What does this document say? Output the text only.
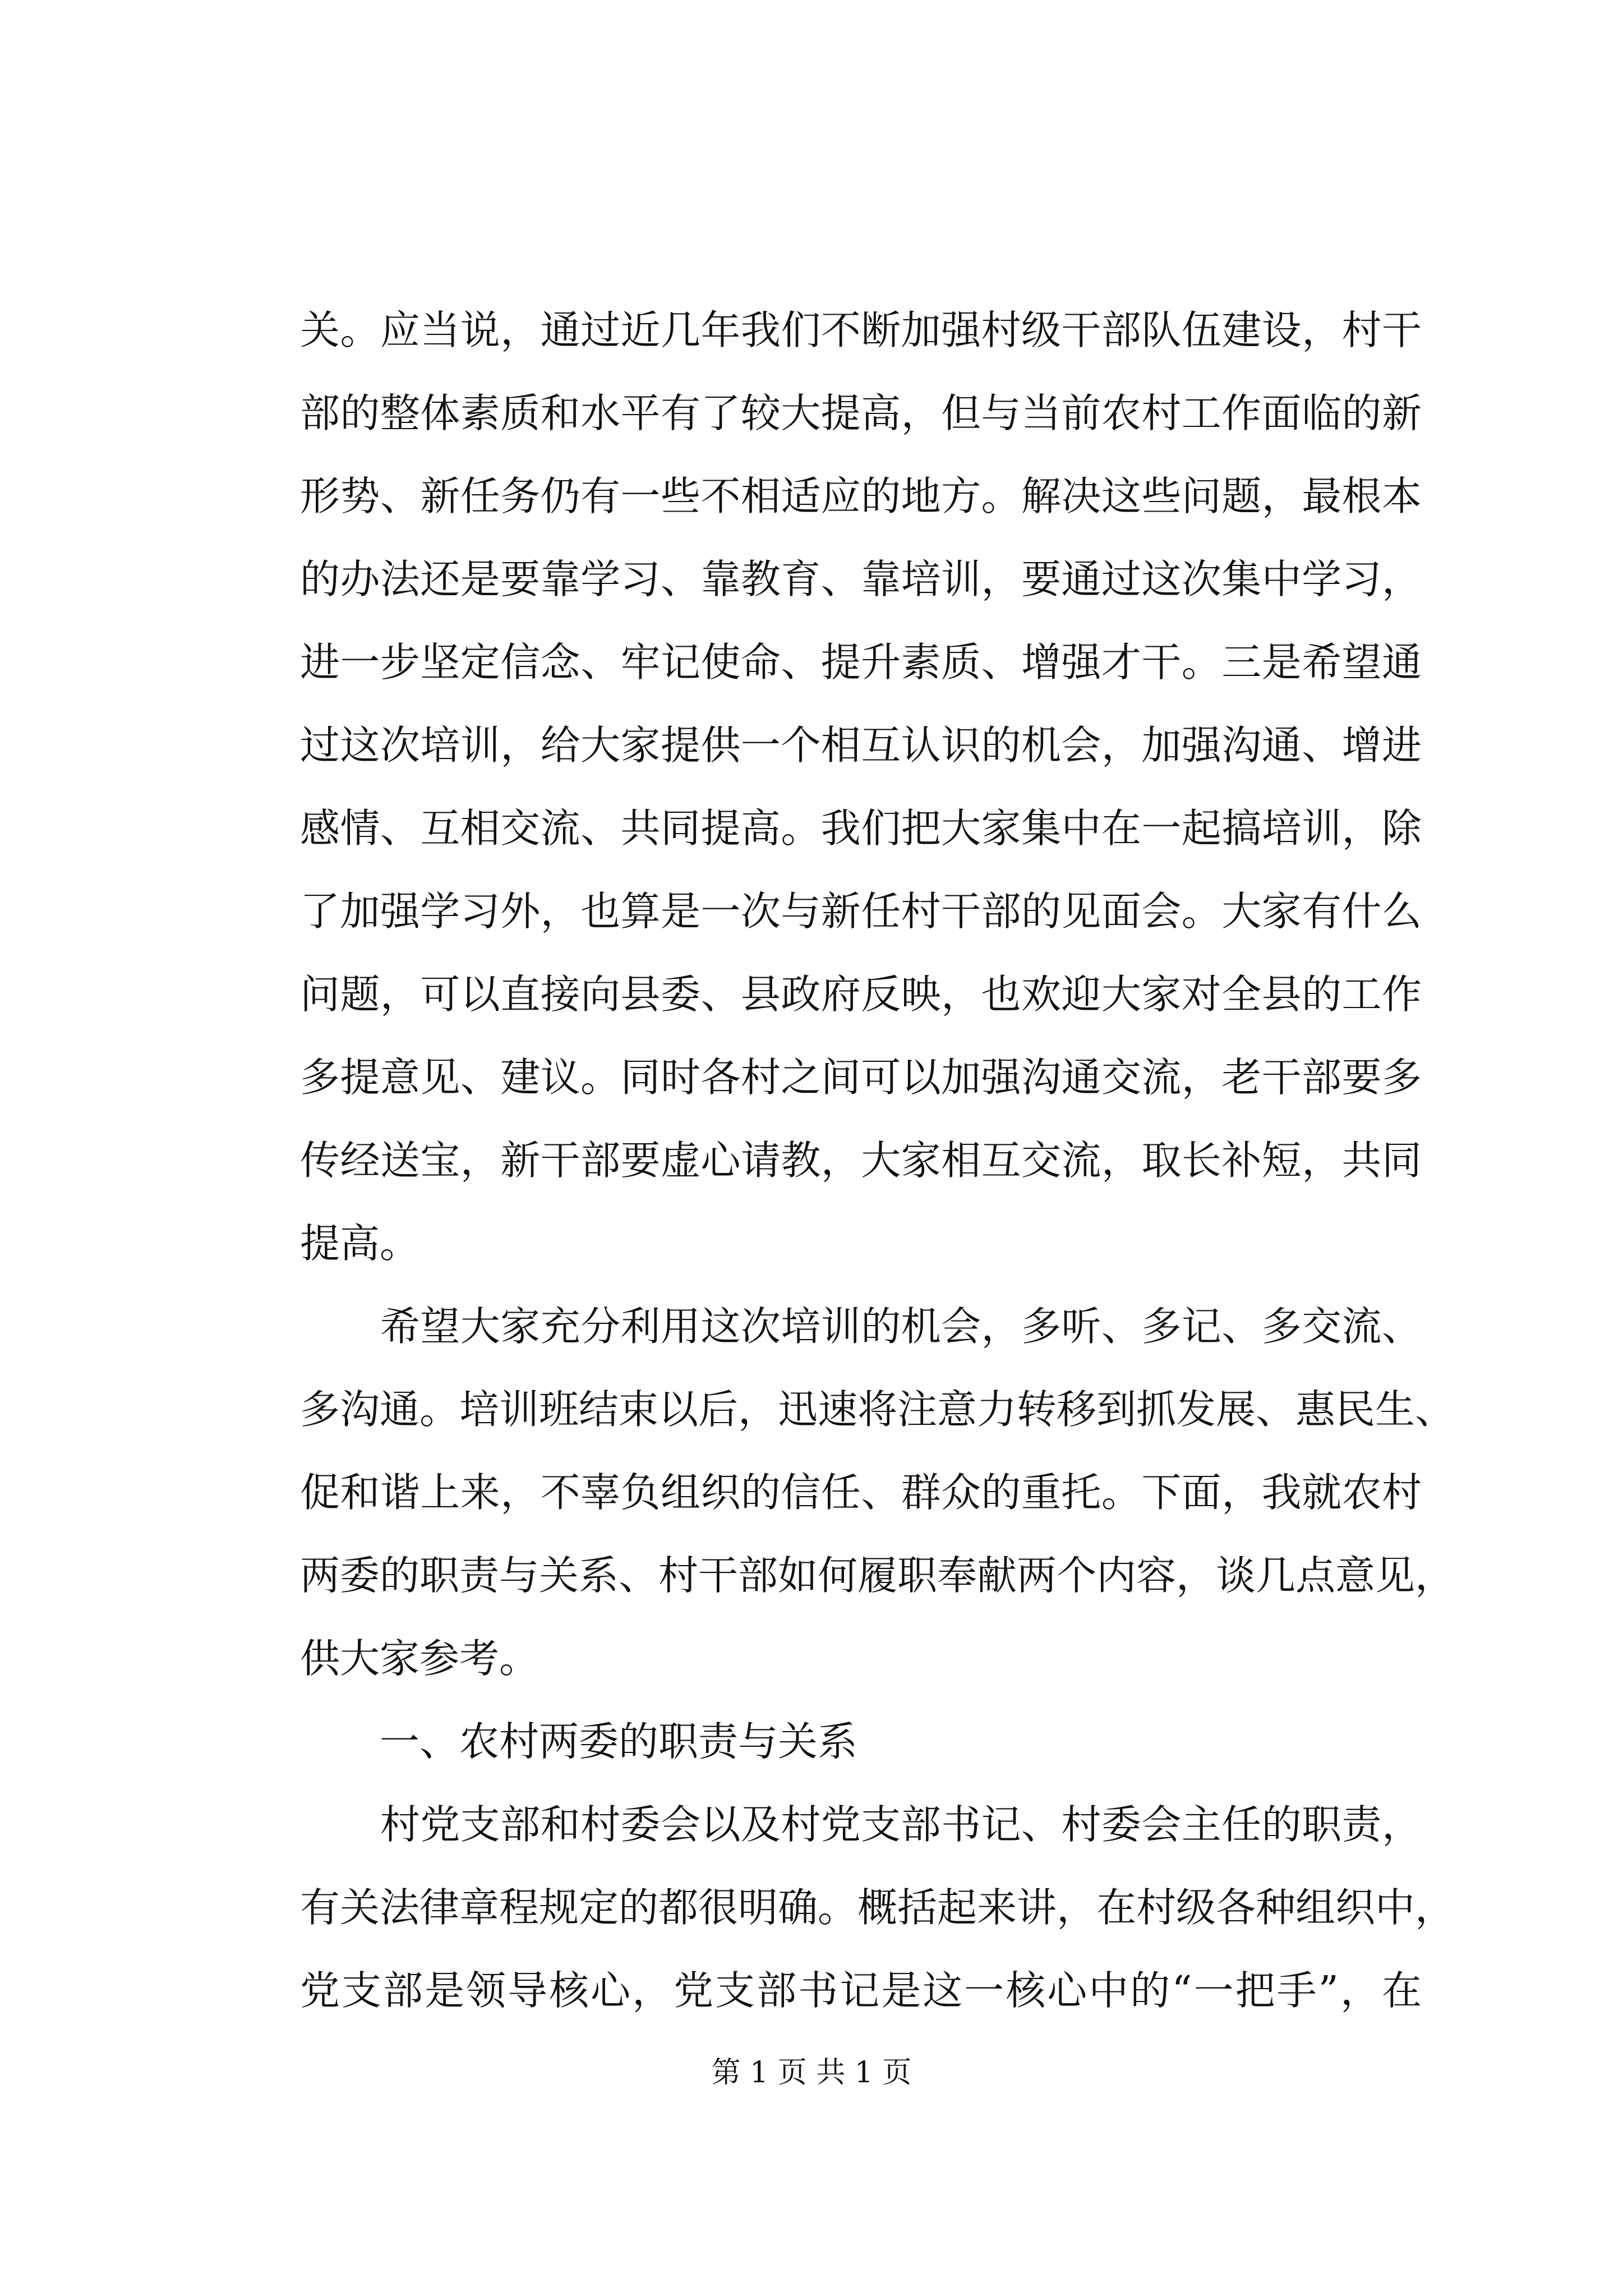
关。应当说，通过近几年我们不断加强村级干部队伍建设，村干
部的整体素质和水平有了较大提高，但与当前农村工作面临的新
形势、新任务仍有一些不相适应的地方。解决这些问题，最根本
的办法还是要靠学习、靠教育、靠培训，要通过这次集中学习，
进一步坚定信念、牢记使命、提升素质、增强才干。三是希望通
过这次培训，给大家提供一个相互认识的机会，加强沟通、增进
感情、互相交流、共同提高。我们把大家集中在一起搞培训，除
了加强学习外，也算是一次与新任村干部的见面会。大家有什么
问题，可以直接向县委、县政府反映，也欢迎大家对全县的工作
多提意见、建议。同时各村之间可以加强沟通交流，老干部要多
传经送宝，新干部要虚心请教，大家相互交流，取长补短，共同
提高。
　　希望大家充分利用这次培训的机会，多听、多记、多交流、
多沟通。培训班结束以后，迅速将注意力转移到抓发展、惠民生、
促和谐上来，不辜负组织的信任、群众的重托。下面，我就农村
两委的职责与关系、村干部如何履职奉献两个内容，谈几点意见，
供大家参考。
　　一、农村两委的职责与关系
　　村党支部和村委会以及村党支部书记、村委会主任的职责，
有关法律章程规定的都很明确。概括起来讲，在村级各种组织中，
党支部是领导核心，党支部书记是这一核心中的“一把手”，在
第 1 页 共 1 页
